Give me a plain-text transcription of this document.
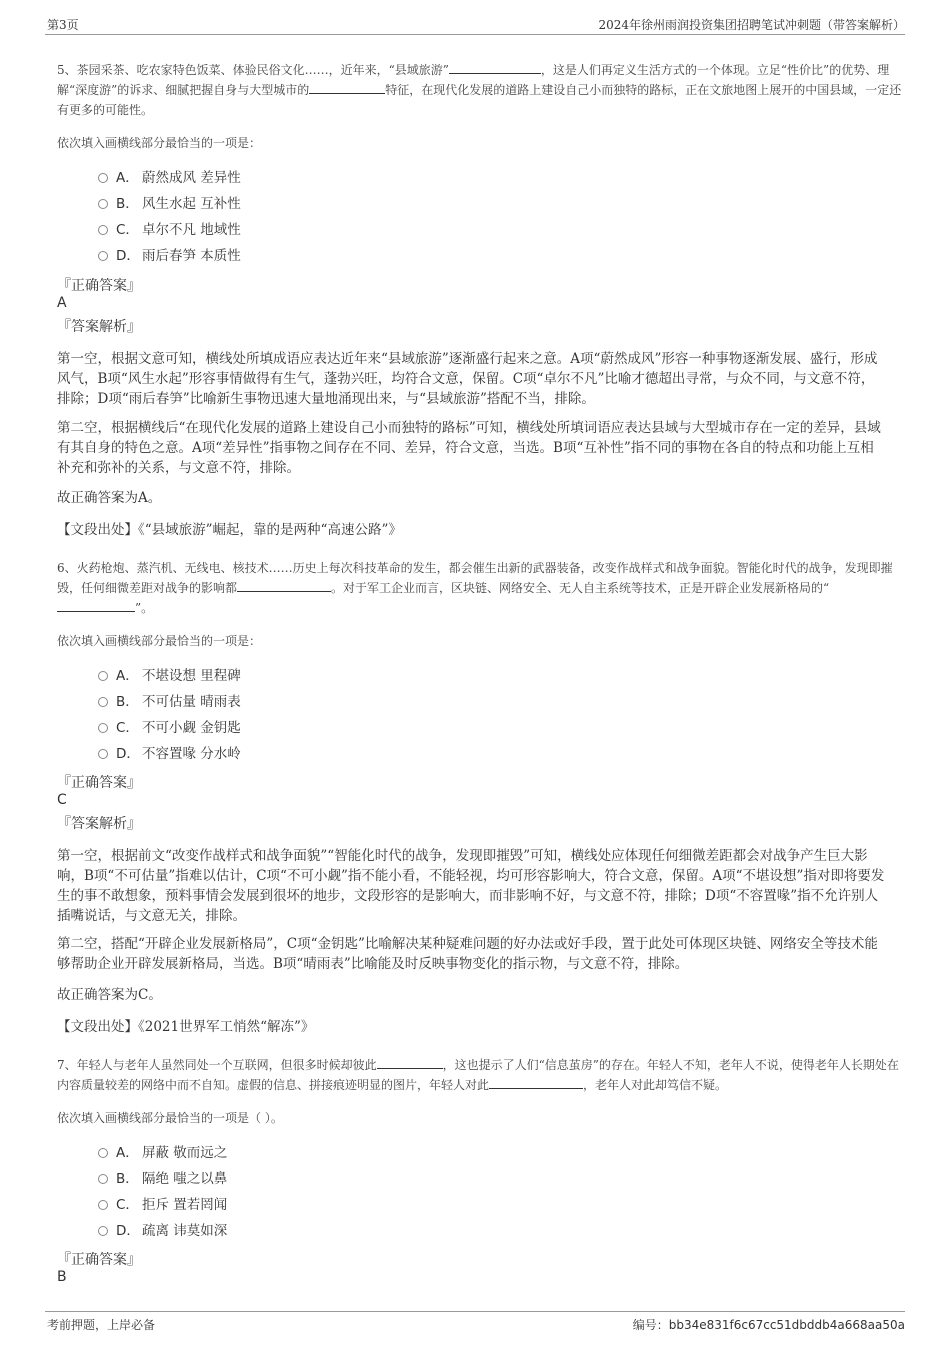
第3页	2024年徐州雨润投资集团招聘笔试冲刺题（带答案解析）
5、茶园采茶、吃农家特色饭菜、体验民俗文化……，近年来，“县域旅游”	，这是人们再定义生活方式的一个体现。立足“性价比”的优势、理解“深度游”的诉求、细腻把握自身与大型城市的	特征，在现代化发展的道路上建设自己小而独特的路标，正在文旅地图上展开的中国县域，一定还有更多的可能性。
依次填入画横线部分最恰当的一项是：
A． 蔚然成风 差异性
B． 风生水起 互补性
C． 卓尔不凡 地域性
D． 雨后春笋 本质性
『正确答案』
A
『答案解析』
第一空，根据文意可知，横线处所填成语应表达近年来“县域旅游”逐渐盛行起来之意。A项“蔚然成风”形容一种事物逐渐发展、盛行，形成风气，B项“风生水起”形容事情做得有生气，蓬勃兴旺，均符合文意，保留。C项“卓尔不凡”比喻才德超出寻常，与众不同，与文意不符，排除；D项“雨后春笋”比喻新生事物迅速大量地涌现出来，与“县域旅游”搭配不当，排除。
第二空，根据横线后“在现代化发展的道路上建设自己小而独特的路标”可知，横线处所填词语应表达县域与大型城市存在一定的差异，县域有其自身的特色之意。A项“差异性”指事物之间存在不同、差异，符合文意，当选。B项“互补性”指不同的事物在各自的特点和功能上互相补充和弥补的关系，与文意不符，排除。
故正确答案为A。
【文段出处】《“县域旅游”崛起，靠的是两种“高速公路”》
6、火药枪炮、蒸汽机、无线电、核技术……历史上每次科技革命的发生，都会催生出新的武器装备，改变作战样式和战争面貌。智能化时代的战争，发现即摧毁，任何细微差距对战争的影响都	。对于军工企业而言，区块链、网络安全、无人自主系统等技术，正是开辟企业发展新格局的“”。
依次填入画横线部分最恰当的一项是：
A． 不堪设想 里程碑
B． 不可估量 晴雨表
C． 不可小觑 金钥匙
D． 不容置喙 分水岭
『正确答案』
C
『答案解析』
第一空，根据前文“改变作战样式和战争面貌”“智能化时代的战争，发现即摧毁”可知，横线处应体现任何细微差距都会对战争产生巨大影响，B项“不可估量”指难以估计，C项“不可小觑”指不能小看，不能轻视，均可形容影响大，符合文意，保留。A项“不堪设想”指对即将要发生的事不敢想象，预料事情会发展到很坏的地步，文段形容的是影响大，而非影响不好，与文意不符，排除；D项“不容置喙”指不允许别人插嘴说话，与文意无关，排除。
第二空，搭配“开辟企业发展新格局”，C项“金钥匙”比喻解决某种疑难问题的好办法或好手段，置于此处可体现区块链、网络安全等技术能够帮助企业开辟发展新格局，当选。B项“晴雨表”比喻能及时反映事物变化的指示物，与文意不符，排除。
故正确答案为C。
【文段出处】《2021世界军工悄然“解冻”》
7、年轻人与老年人虽然同处一个互联网，但很多时候却彼此	，这也提示了人们“信息茧房”的存在。年轻人不知，老年人不说，使得老年人长期处在内容质量较差的网络中而不自知。虚假的信息、拼接痕迹明显的图片，年轻人对此	，老年人对此却笃信不疑。
依次填入画横线部分最恰当的一项是（ ）。
A． 屏蔽 敬而远之
B． 隔绝 嗤之以鼻
C． 拒斥 置若罔闻
D． 疏离 讳莫如深
『正确答案』
B
考前押题，上岸必备	编号：bb34e831f6c67cc51dbddb4a668aa50a
